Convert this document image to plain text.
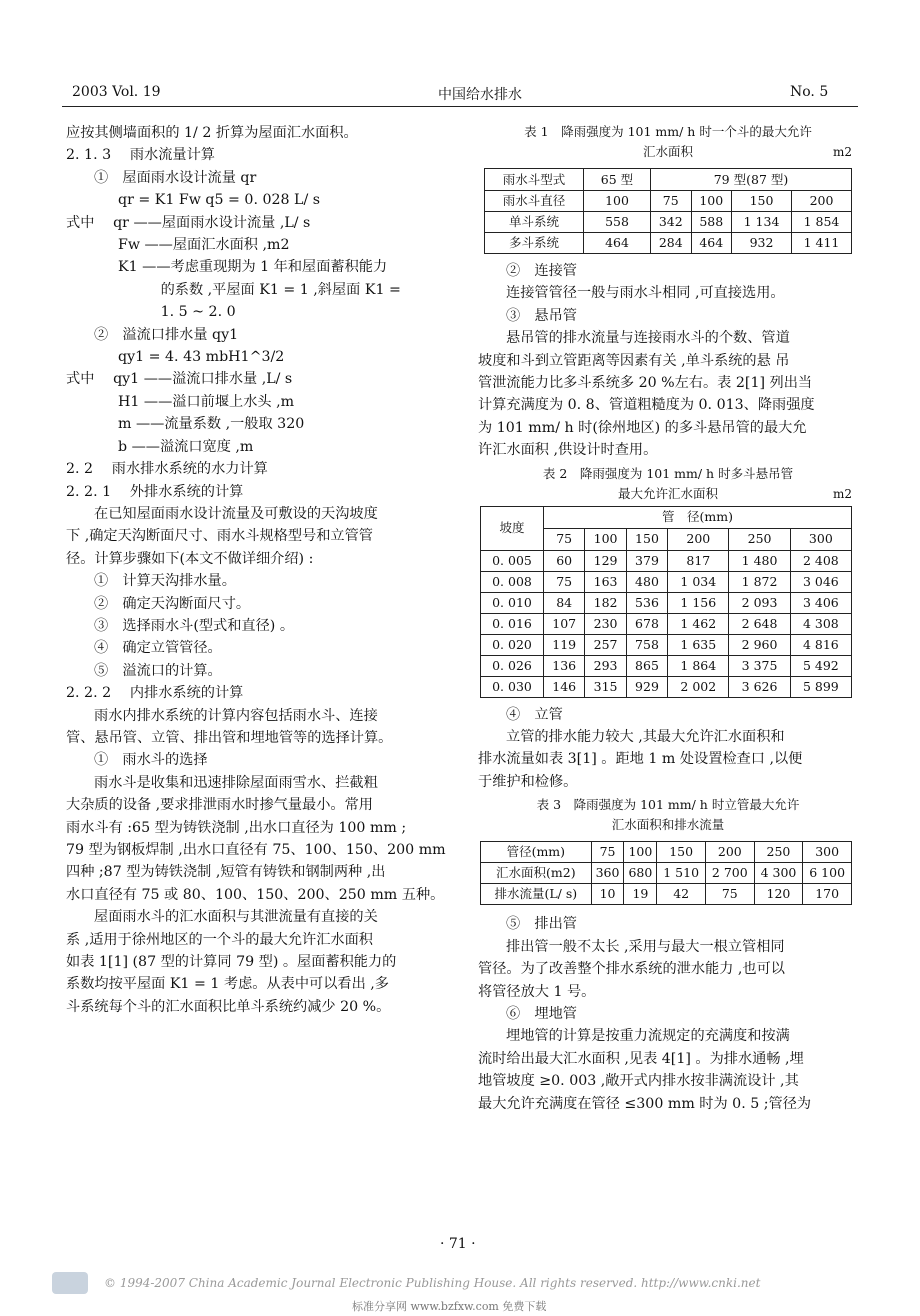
2003 Vol. 19	中国给水排水	No. 5

应按其侧墙面积的 1/ 2 折算为屋面汇水面积。

2. 1. 3　 雨水流量计算

①　屋面雨水设计流量 qr

qr = K1 Fw q5 = 0. 028 L/ s

式中　 qr ——屋面雨水设计流量 ,L/ s

Fw ——屋面汇水面积 ,m2

K1 ——考虑重现期为 1 年和屋面蓄积能力

　　　的系数 ,平屋面 K1 = 1 ,斜屋面 K1 =

　　　1. 5 ~ 2. 0

②　溢流口排水量 qy1

qy1 = 4. 43 mbH1^3/2

式中　 qy1 ——溢流口排水量 ,L/ s

H1 ——溢口前堰上水头 ,m

m ——流量系数 ,一般取 320

b ——溢流口宽度 ,m

2. 2　 雨水排水系统的水力计算

2. 2. 1　 外排水系统的计算

在已知屋面雨水设计流量及可敷设的天沟坡度

下 ,确定天沟断面尺寸、雨水斗规格型号和立管管

径。计算步骤如下(本文不做详细介绍) :

①　计算天沟排水量。

②　确定天沟断面尺寸。

③　选择雨水斗(型式和直径) 。

④　确定立管管径。

⑤　溢流口的计算。

2. 2. 2　 内排水系统的计算

雨水内排水系统的计算内容包括雨水斗、连接

管、悬吊管、立管、排出管和埋地管等的选择计算。

①　雨水斗的选择

雨水斗是收集和迅速排除屋面雨雪水、拦截粗

大杂质的设备 ,要求排泄雨水时掺气量最小。常用

雨水斗有 :65 型为铸铁浇制 ,出水口直径为 100 mm ;

79 型为钢板焊制 ,出水口直径有 75、100、150、200 mm

四种 ;87 型为铸铁浇制 ,短管有铸铁和钢制两种 ,出

水口直径有 75 或 80、100、150、200、250 mm 五种。

屋面雨水斗的汇水面积与其泄流量有直接的关

系 ,适用于徐州地区的一个斗的最大允许汇水面积

如表 1[1] (87 型的计算同 79 型) 。屋面蓄积能力的

系数均按平屋面 K1 = 1 考虑。从表中可以看出 ,多

斗系统每个斗的汇水面积比单斗系统约减少 20 %。

表 1　降雨强度为 101 mm/ h 时一个斗的最大允许
汇水面积	m2
雨水斗型式	65 型	79 型(87 型)			
雨水斗直径	100	75	100	150	200
单斗系统	558	342	588	1 134	1 854
多斗系统	464	284	464	932	1 411

②　连接管

连接管管径一般与雨水斗相同 ,可直接选用。

③　悬吊管

悬吊管的排水流量与连接雨水斗的个数、管道

坡度和斗到立管距离等因素有关 ,单斗系统的悬 吊

管泄流能力比多斗系统多 20 %左右。表 2[1] 列出当

计算充满度为 0. 8、管道粗糙度为 0. 013、降雨强度

为 101 mm/ h 时(徐州地区) 的多斗悬吊管的最大允

许汇水面积 ,供设计时查用。

表 2　降雨强度为 101 mm/ h 时多斗悬吊管
最大允许汇水面积	m2
坡度	管　径(mm)					
	75	100	150	200	250	300
0. 005	60	129	379	817	1 480	2 408
0. 008	75	163	480	1 034	1 872	3 046
0. 010	84	182	536	1 156	2 093	3 406
0. 016	107	230	678	1 462	2 648	4 308
0. 020	119	257	758	1 635	2 960	4 816
0. 026	136	293	865	1 864	3 375	5 492
0. 030	146	315	929	2 002	3 626	5 899

④　立管

立管的排水能力较大 ,其最大允许汇水面积和

排水流量如表 3[1] 。距地 1 m 处设置检查口 ,以便

于维护和检修。

表 3　降雨强度为 101 mm/ h 时立管最大允许
汇水面积和排水流量
管径(mm)	75	100	150	200	250	300
汇水面积(m2)	360	680	1 510	2 700	4 300	6 100
排水流量(L/ s)	10	19	42	75	120	170

⑤　排出管

排出管一般不太长 ,采用与最大一根立管相同

管径。为了改善整个排水系统的泄水能力 ,也可以

将管径放大 1 号。

⑥　埋地管

埋地管的计算是按重力流规定的充满度和按满

流时给出最大汇水面积 ,见表 4[1] 。为排水通畅 ,埋

地管坡度 ≥0. 003 ,敞开式内排水按非满流设计 ,其

最大允许充满度在管径 ≤300 mm 时为 0. 5 ;管径为

· 71 ·
© 1994-2007 China Academic Journal Electronic Publishing House. All rights reserved. http://www.cnki.net
标准分享网 www.bzfxw.com 免费下载
